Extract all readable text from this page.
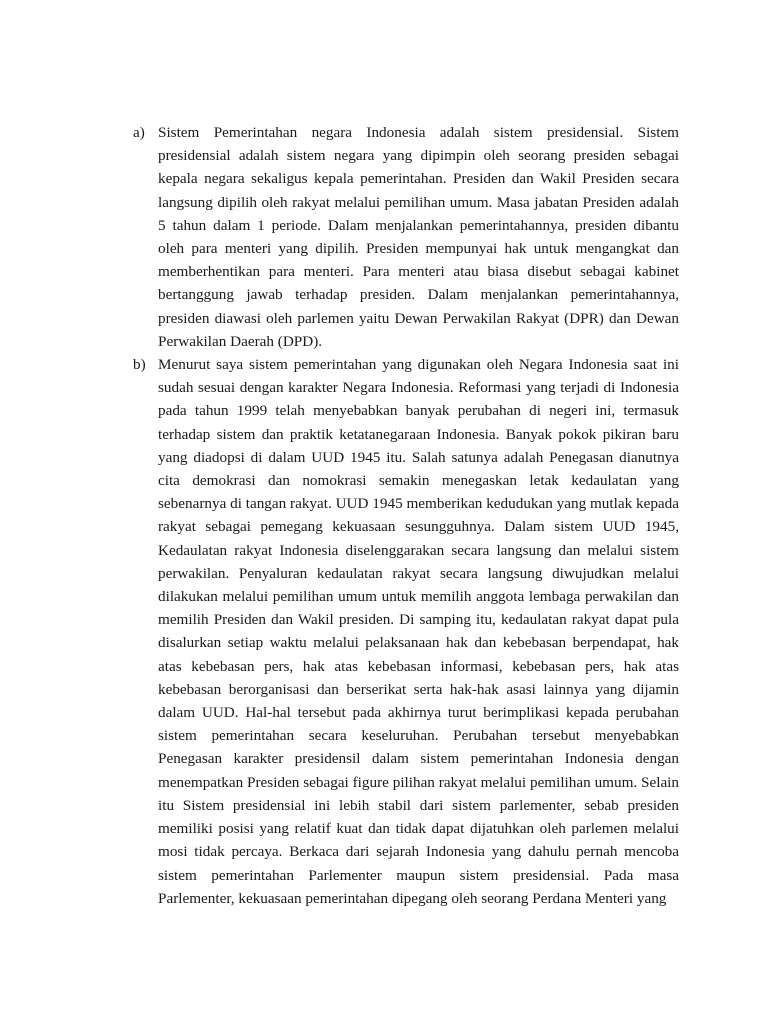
a) Sistem Pemerintahan negara Indonesia adalah sistem presidensial. Sistem presidensial adalah sistem negara yang dipimpin oleh seorang presiden sebagai kepala negara sekaligus kepala pemerintahan. Presiden dan Wakil Presiden secara langsung dipilih oleh rakyat melalui pemilihan umum. Masa jabatan Presiden adalah 5 tahun dalam 1 periode. Dalam menjalankan pemerintahannya, presiden dibantu oleh para menteri yang dipilih. Presiden mempunyai hak untuk mengangkat dan memberhentikan para menteri. Para menteri atau biasa disebut sebagai kabinet bertanggung jawab terhadap presiden. Dalam menjalankan pemerintahannya, presiden diawasi oleh parlemen yaitu Dewan Perwakilan Rakyat (DPR) dan Dewan Perwakilan Daerah (DPD).
b) Menurut saya sistem pemerintahan yang digunakan oleh Negara Indonesia saat ini sudah sesuai dengan karakter Negara Indonesia. Reformasi yang terjadi di Indonesia pada tahun 1999 telah menyebabkan banyak perubahan di negeri ini, termasuk terhadap sistem dan praktik ketatanegaraan Indonesia. Banyak pokok pikiran baru yang diadopsi di dalam UUD 1945 itu. Salah satunya adalah Penegasan dianutnya cita demokrasi dan nomokrasi semakin menegaskan letak kedaulatan yang sebenarnya di tangan rakyat. UUD 1945 memberikan kedudukan yang mutlak kepada rakyat sebagai pemegang kekuasaan sesungguhnya. Dalam sistem UUD 1945, Kedaulatan rakyat Indonesia diselenggarakan secara langsung dan melalui sistem perwakilan. Penyaluran kedaulatan rakyat secara langsung diwujudkan melalui dilakukan melalui pemilihan umum untuk memilih anggota lembaga perwakilan dan memilih Presiden dan Wakil presiden. Di samping itu, kedaulatan rakyat dapat pula disalurkan setiap waktu melalui pelaksanaan hak dan kebebasan berpendapat, hak atas kebebasan pers, hak atas kebebasan informasi, kebebasan pers, hak atas kebebasan berorganisasi dan berserikat serta hak-hak asasi lainnya yang dijamin dalam UUD. Hal-hal tersebut pada akhirnya turut berimplikasi kepada perubahan sistem pemerintahan secara keseluruhan. Perubahan tersebut menyebabkan Penegasan karakter presidensil dalam sistem pemerintahan Indonesia dengan menempatkan Presiden sebagai figure pilihan rakyat melalui pemilihan umum. Selain itu Sistem presidensial ini lebih stabil dari sistem parlementer, sebab presiden memiliki posisi yang relatif kuat dan tidak dapat dijatuhkan oleh parlemen melalui mosi tidak percaya. Berkaca dari sejarah Indonesia yang dahulu pernah mencoba sistem pemerintahan Parlementer maupun sistem presidensial. Pada masa Parlementer, kekuasaan pemerintahan dipegang oleh seorang Perdana Menteri yang
